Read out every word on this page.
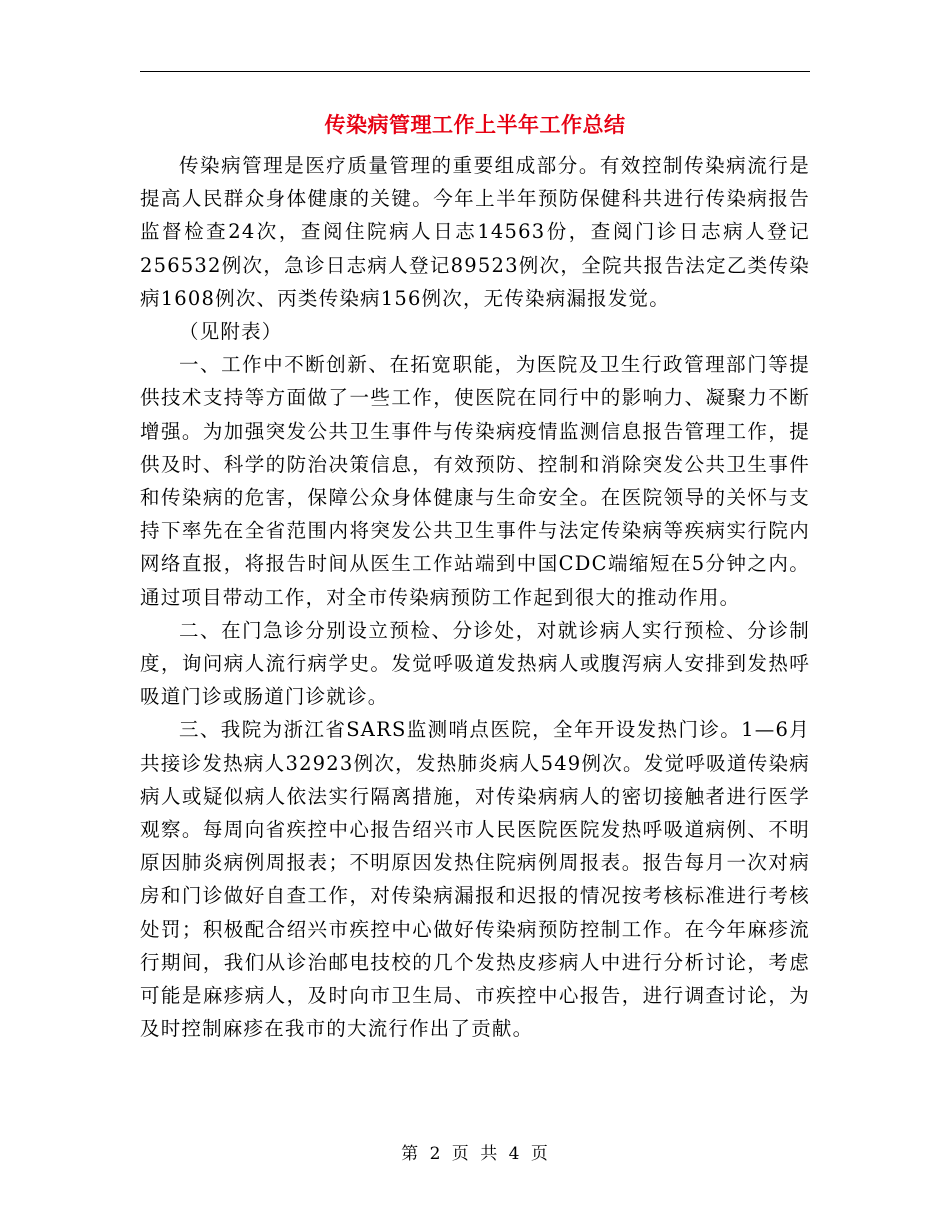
传染病管理工作上半年工作总结

传染病管理是医疗质量管理的重要组成部分。有效控制传染病流行是提高人民群众身体健康的关键。今年上半年预防保健科共进行传染病报告监督检查24次，查阅住院病人日志14563份，查阅门诊日志病人登记256532例次，急诊日志病人登记89523例次，全院共报告法定乙类传染病1608例次、丙类传染病156例次，无传染病漏报发觉。

（见附表）

一、工作中不断创新、在拓宽职能，为医院及卫生行政管理部门等提供技术支持等方面做了一些工作，使医院在同行中的影响力、凝聚力不断增强。为加强突发公共卫生事件与传染病疫情监测信息报告管理工作，提供及时、科学的防治决策信息，有效预防、控制和消除突发公共卫生事件和传染病的危害，保障公众身体健康与生命安全。在医院领导的关怀与支持下率先在全省范围内将突发公共卫生事件与法定传染病等疾病实行院内网络直报，将报告时间从医生工作站端到中国CDC端缩短在5分钟之内。通过项目带动工作，对全市传染病预防工作起到很大的推动作用。

二、在门急诊分别设立预检、分诊处，对就诊病人实行预检、分诊制度，询问病人流行病学史。发觉呼吸道发热病人或腹泻病人安排到发热呼吸道门诊或肠道门诊就诊。

三、我院为浙江省SARS监测哨点医院，全年开设发热门诊。1—6月共接诊发热病人32923例次，发热肺炎病人549例次。发觉呼吸道传染病病人或疑似病人依法实行隔离措施，对传染病病人的密切接触者进行医学观察。每周向省疾控中心报告绍兴市人民医院医院发热呼吸道病例、不明原因肺炎病例周报表；不明原因发热住院病例周报表。报告每月一次对病房和门诊做好自查工作，对传染病漏报和迟报的情况按考核标准进行考核处罚；积极配合绍兴市疾控中心做好传染病预防控制工作。在今年麻疹流行期间，我们从诊治邮电技校的几个发热皮疹病人中进行分析讨论，考虑可能是麻疹病人，及时向市卫生局、市疾控中心报告，进行调查讨论，为及时控制麻疹在我市的大流行作出了贡献。

第 2 页 共 4 页
